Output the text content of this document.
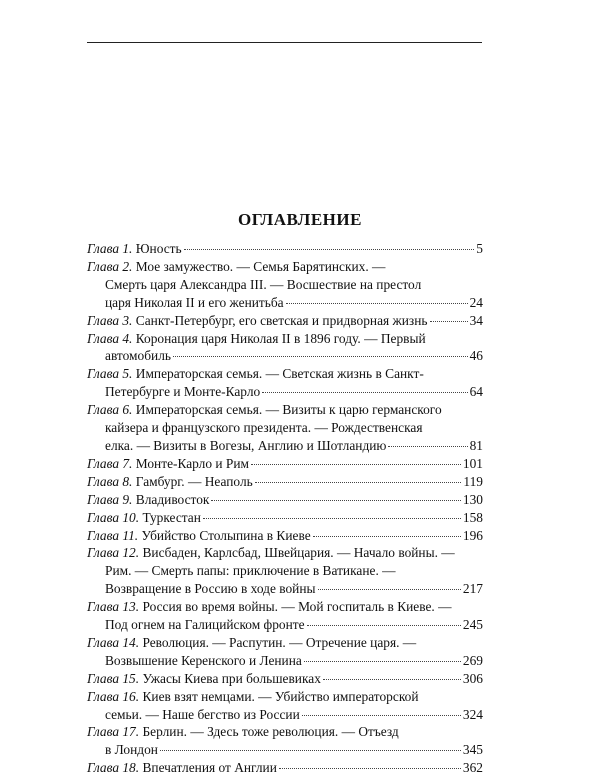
ОГЛАВЛЕНИЕ
Глава 1. Юность	5
Глава 2. Мое замужество. — Семья Барятинских. —
Смерть царя Александра III. — Восшествие на престол
царя Николая II и его женитьба	24
Глава 3. Санкт-Петербург, его светская и придворная жизнь	34
Глава 4. Коронация царя Николая II в 1896 году. — Первый
автомобиль	46
Глава 5. Императорская семья. — Светская жизнь в Санкт-
Петербурге и Монте-Карло	64
Глава 6. Императорская семья. — Визиты к царю германского
кайзера и французского президента. — Рождественская
елка. — Визиты в Вогезы, Англию и Шотландию	81
Глава 7. Монте-Карло и Рим	101
Глава 8. Гамбург. — Неаполь	119
Глава 9. Владивосток	130
Глава 10. Туркестан	158
Глава 11. Убийство Столыпина в Киеве	196
Глава 12. Висбаден, Карлсбад, Швейцария. — Начало войны. —
Рим. — Смерть папы: приключение в Ватикане. —
Возвращение в Россию в ходе войны	217
Глава 13. Россия во время войны. — Мой госпиталь в Киеве. —
Под огнем на Галицийском фронте	245
Глава 14. Революция. — Распутин. — Отречение царя. —
Возвышение Керенского и Ленина	269
Глава 15. Ужасы Киева при большевиках	306
Глава 16. Киев взят немцами. — Убийство императорской
семьи. — Наше бегство из России	324
Глава 17. Берлин. — Здесь тоже революция. — Отъезд
в Лондон	345
Глава 18. Впечатления от Англии	362
